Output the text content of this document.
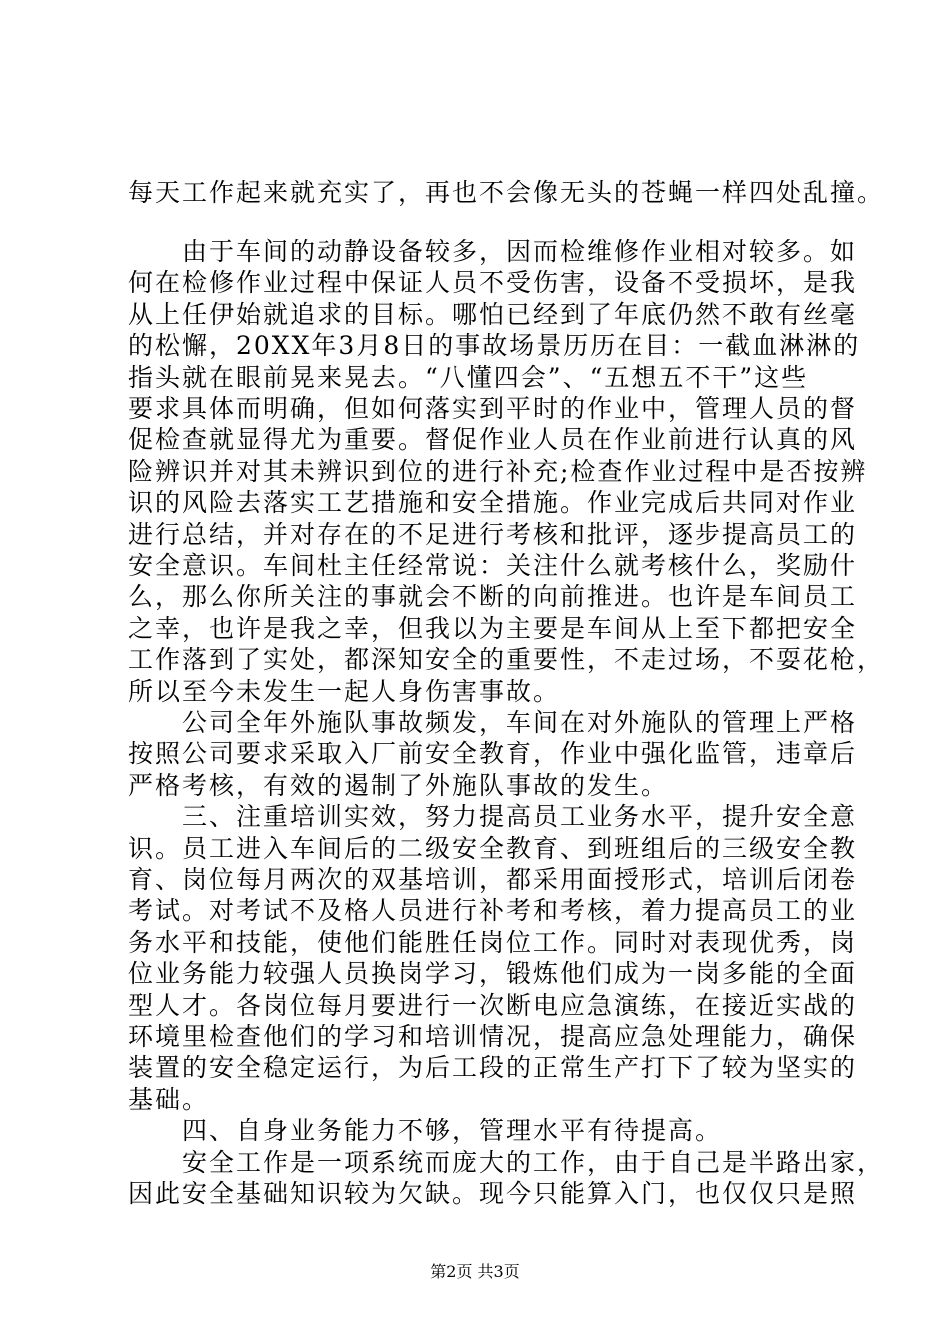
每天工作起来就充实了，再也不会像无头的苍蝇一样四处乱撞。
　　由于车间的动静设备较多，因而检维修作业相对较多。如
何在检修作业过程中保证人员不受伤害，设备不受损坏，是我
从上任伊始就追求的目标。哪怕已经到了年底仍然不敢有丝毫
的松懈，20XX年3月8日的事故场景历历在目：一截血淋淋的
指头就在眼前晃来晃去。“八懂四会”、“五想五不干”这些
要求具体而明确，但如何落实到平时的作业中，管理人员的督
促检查就显得尤为重要。督促作业人员在作业前进行认真的风
险辨识并对其未辨识到位的进行补充;检查作业过程中是否按辨
识的风险去落实工艺措施和安全措施。作业完成后共同对作业
进行总结，并对存在的不足进行考核和批评，逐步提高员工的
安全意识。车间杜主任经常说：关注什么就考核什么，奖励什
么，那么你所关注的事就会不断的向前推进。也许是车间员工
之幸，也许是我之幸，但我以为主要是车间从上至下都把安全
工作落到了实处，都深知安全的重要性，不走过场，不耍花枪，
所以至今未发生一起人身伤害事故。
　　公司全年外施队事故频发，车间在对外施队的管理上严格
按照公司要求采取入厂前安全教育，作业中强化监管，违章后
严格考核，有效的遏制了外施队事故的发生。
　　三、注重培训实效，努力提高员工业务水平，提升安全意
识。员工进入车间后的二级安全教育、到班组后的三级安全教
育、岗位每月两次的双基培训，都采用面授形式，培训后闭卷
考试。对考试不及格人员进行补考和考核，着力提高员工的业
务水平和技能，使他们能胜任岗位工作。同时对表现优秀，岗
位业务能力较强人员换岗学习，锻炼他们成为一岗多能的全面
型人才。各岗位每月要进行一次断电应急演练，在接近实战的
环境里检查他们的学习和培训情况，提高应急处理能力，确保
装置的安全稳定运行，为后工段的正常生产打下了较为坚实的
基础。
　　四、自身业务能力不够，管理水平有待提高。
　　安全工作是一项系统而庞大的工作，由于自己是半路出家，
第2页 共3页
因此安全基础知识较为欠缺。现今只能算入门，也仅仅只是照
